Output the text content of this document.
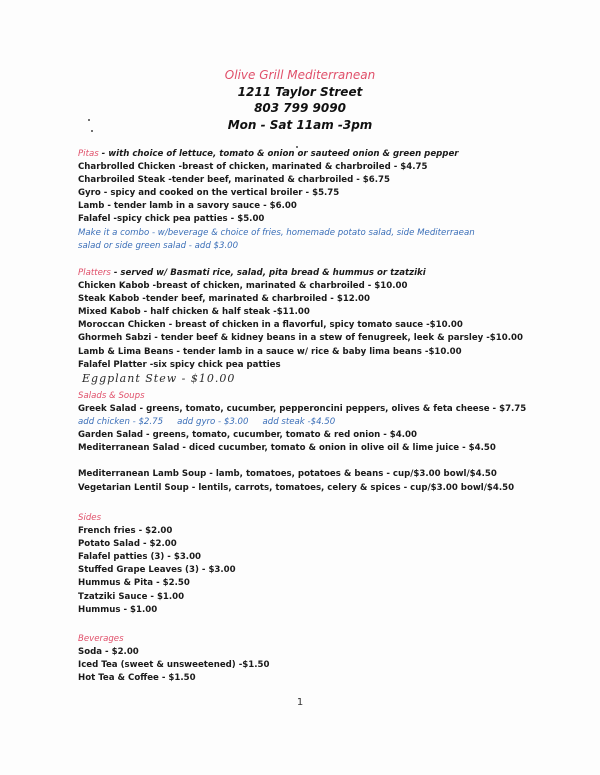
Olive Grill Mediterranean
1211 Taylor Street
803 799 9090
Mon - Sat 11am -3pm
Pitas - with choice of lettuce, tomato & onion or sauteed onion & green pepper
Charbrolled Chicken -breast of chicken, marinated & charbroiled - $4.75
Charbroiled Steak -tender beef, marinated & charbroiled - $6.75
Gyro - spicy and cooked on the vertical broiler - $5.75
Lamb - tender lamb in a savory sauce - $6.00
Falafel -spicy chick pea patties - $5.00
Make it a combo - w/beverage & choice of fries, homemade potato salad, side Mediterraean
salad or side green salad - add $3.00
Platters - served w/ Basmati rice, salad, pita bread & hummus or tzatziki
Chicken Kabob -breast of chicken, marinated & charbroiled - $10.00
Steak Kabob -tender beef, marinated & charbroiled - $12.00
Mixed Kabob - half chicken & half steak -$11.00
Moroccan Chicken - breast of chicken in a flavorful, spicy tomato sauce -$10.00
Ghormeh Sabzi - tender beef & kidney beans in a stew of fenugreek, leek & parsley -$10.00
Lamb & Lima Beans - tender lamb in a sauce w/ rice & baby lima beans -$10.00
Falafel Platter -six spicy chick pea patties
Eggplant Stew - $10.00
Salads & Soups
Greek Salad - greens, tomato, cucumber, pepperoncini peppers, olives & feta cheese - $7.75
add chicken - $2.75 add gyro - $3.00 add steak -$4.50
Garden Salad - greens, tomato, cucumber, tomato & red onion - $4.00
Mediterranean Salad - diced cucumber, tomato & onion in olive oil & lime juice - $4.50
Mediterranean Lamb Soup - lamb, tomatoes, potatoes & beans - cup/$3.00 bowl/$4.50
Vegetarian Lentil Soup - lentils, carrots, tomatoes, celery & spices - cup/$3.00 bowl/$4.50
Sides
French fries - $2.00
Potato Salad - $2.00
Falafel patties (3) - $3.00
Stuffed Grape Leaves (3) - $3.00
Hummus & Pita - $2.50
Tzatziki Sauce - $1.00
Hummus - $1.00
Beverages
Soda - $2.00
Iced Tea (sweet & unsweetened) -$1.50
Hot Tea & Coffee - $1.50
1
